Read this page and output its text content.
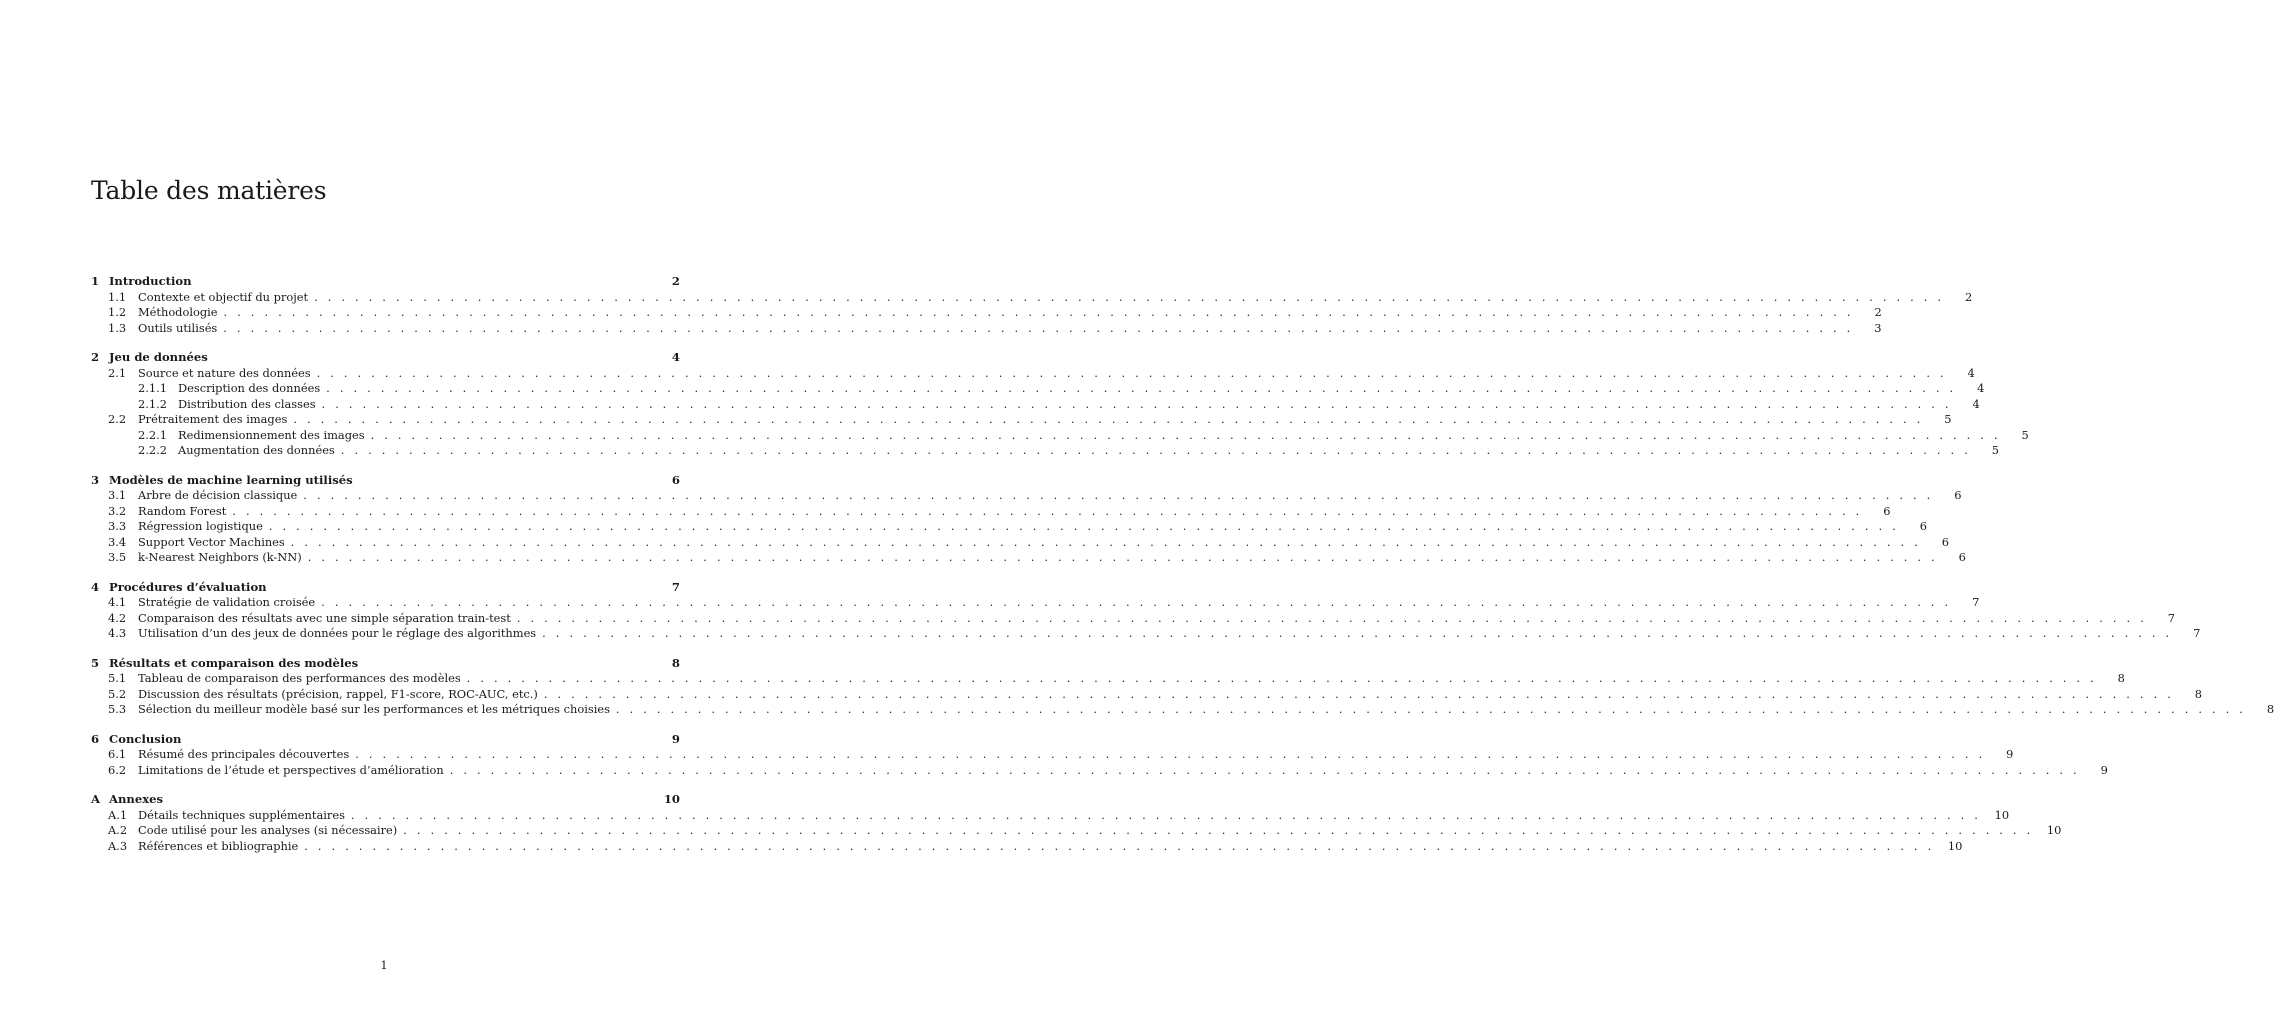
Table des matières
1 Introduction	2
1.1	Contexte et objectif du projet . . . . . . . . . . . . . . . . . . . . . . . . . . . . . . . . . . . . . . . . . . . . . . . . . . . . . . . . . . . . . . . . . . . . . . . . . . . . . . . . . . . . . . . . . . . . . . . . . . . . . . . . . . . . . . . . . . . . . . . .	2
1.2	Méthodologie . . . . . . . . . . . . . . . . . . . . . . . . . . . . . . . . . . . . . . . . . . . . . . . . . . . . . . . . . . . . . . . . . . . . . . . . . . . . . . . . . . . . . . . . . . . . . . . . . . . . . . . . . . . . . . . . . . . . . . . .	2
1.3	Outils utilisés . . . . . . . . . . . . . . . . . . . . . . . . . . . . . . . . . . . . . . . . . . . . . . . . . . . . . . . . . . . . . . . . . . . . . . . . . . . . . . . . . . . . . . . . . . . . . . . . . . . . . . . . . . . . . . . . . . . . . . . .	3
2 Jeu de données	4
2.1	Source et nature des données . . . . . . . . . . . . . . . . . . . . . . . . . . . . . . . . . . . . . . . . . . . . . . . . . . . . . . . . . . . . . . . . . . . . . . . . . . . . . . . . . . . . . . . . . . . . . . . . . . . . . . . . . . . . . . . . . . . . . . . .	4
2.1.1 Description des données . . . . . . . . . . . . . . . . . . . . . . . . . . . . . . . . . . . . . . . . . . . . . . . . . . . . . . . . . . . . . . . . . . . . . . . . . . . . . . . . . . . . . . . . . . . . . . . . . . . . . . . . . . . . . . . . . . . . . . . .	4
2.1.2 Distribution des classes . . . . . . . . . . . . . . . . . . . . . . . . . . . . . . . . . . . . . . . . . . . . . . . . . . . . . . . . . . . . . . . . . . . . . . . . . . . . . . . . . . . . . . . . . . . . . . . . . . . . . . . . . . . . . . . . . . . . . . . .	4
2.2	Prétraitement des images . . . . . . . . . . . . . . . . . . . . . . . . . . . . . . . . . . . . . . . . . . . . . . . . . . . . . . . . . . . . . . . . . . . . . . . . . . . . . . . . . . . . . . . . . . . . . . . . . . . . . . . . . . . . . . . . . . . . . . . .	5
2.2.1 Redimensionnement des images . . . . . . . . . . . . . . . . . . . . . . . . . . . . . . . . . . . . . . . . . . . . . . . . . . . . . . . . . . . . . . . . . . . . . . . . . . . . . . . . . . . . . . . . . . . . . . . . . . . . . . . . . . . . . . . . . . . . . . . .	5
2.2.2 Augmentation des données . . . . . . . . . . . . . . . . . . . . . . . . . . . . . . . . . . . . . . . . . . . . . . . . . . . . . . . . . . . . . . . . . . . . . . . . . . . . . . . . . . . . . . . . . . . . . . . . . . . . . . . . . . . . . . . . . . . . . . . .	5
3 Modèles de machine learning utilisés	6
3.1	Arbre de décision classique . . . . . . . . . . . . . . . . . . . . . . . . . . . . . . . . . . . . . . . . . . . . . . . . . . . . . . . . . . . . . . . . . . . . . . . . . . . . . . . . . . . . . . . . . . . . . . . . . . . . . . . . . . . . . . . . . . . . . . . .	6
3.2	Random Forest . . . . . . . . . . . . . . . . . . . . . . . . . . . . . . . . . . . . . . . . . . . . . . . . . . . . . . . . . . . . . . . . . . . . . . . . . . . . . . . . . . . . . . . . . . . . . . . . . . . . . . . . . . . . . . . . . . . . . . . .	6
3.3	Régression logistique . . . . . . . . . . . . . . . . . . . . . . . . . . . . . . . . . . . . . . . . . . . . . . . . . . . . . . . . . . . . . . . . . . . . . . . . . . . . . . . . . . . . . . . . . . . . . . . . . . . . . . . . . . . . . . . . . . . . . . . .	6
3.4	Support Vector Machines . . . . . . . . . . . . . . . . . . . . . . . . . . . . . . . . . . . . . . . . . . . . . . . . . . . . . . . . . . . . . . . . . . . . . . . . . . . . . . . . . . . . . . . . . . . . . . . . . . . . . . . . . . . . . . . . . . . . . . . .	6
3.5	k-Nearest Neighbors (k-NN) . . . . . . . . . . . . . . . . . . . . . . . . . . . . . . . . . . . . . . . . . . . . . . . . . . . . . . . . . . . . . . . . . . . . . . . . . . . . . . . . . . . . . . . . . . . . . . . . . . . . . . . . . . . . . . . . . . . . . . . .	6
4 Procédures d’évaluation	7
4.1	Stratégie de validation croisée . . . . . . . . . . . . . . . . . . . . . . . . . . . . . . . . . . . . . . . . . . . . . . . . . . . . . . . . . . . . . . . . . . . . . . . . . . . . . . . . . . . . . . . . . . . . . . . . . . . . . . . . . . . . . . . . . . . . . . . .	7
4.2	Comparaison des résultats avec une simple séparation train-test . . . . . . . . . . . . . . . . . . . . . . . . . . . . . . . . . . . . . . . . . . . . . . . . . . . . . . . . . . . . . . . . . . . . . . . . . . . . . . . . . . . . . . . . . . . . . . . . . . . . . . . . . . . . . . . . . . . . . . . .	7
4.3	Utilisation d’un des jeux de données pour le réglage des algorithmes . . . . . . . . . . . . . . . . . . . . . . . . . . . . . . . . . . . . . . . . . . . . . . . . . . . . . . . . . . . . . . . . . . . . . . . . . . . . . . . . . . . . . . . . . . . . . . . . . . . . . . . . . . . . . . . . . . . . . . . .	7
5 Résultats et comparaison des modèles	8
5.1	Tableau de comparaison des performances des modèles . . . . . . . . . . . . . . . . . . . . . . . . . . . . . . . . . . . . . . . . . . . . . . . . . . . . . . . . . . . . . . . . . . . . . . . . . . . . . . . . . . . . . . . . . . . . . . . . . . . . . . . . . . . . . . . . . . . . . . . .	8
5.2	Discussion des résultats (précision, rappel, F1-score, ROC-AUC, etc.) . . . . . . . . . . . . . . . . . . . . . . . . . . . . . . . . . . . . . . . . . . . . . . . . . . . . . . . . . . . . . . . . . . . . . . . . . . . . . . . . . . . . . . . . . . . . . . . . . . . . . . . . . . . . . . . . . . . . . . . .	8
5.3	Sélection du meilleur modèle basé sur les performances et les métriques choisies . . . . . . . . . . . . . . . . . . . . . . . . . . . . . . . . . . . . . . . . . . . . . . . . . . . . . . . . . . . . . . . . . . . . . . . . . . . . . . . . . . . . . . . . . . . . . . . . . . . . . . . . . . . . . . . . . . . . . . . .	8
6 Conclusion	9
6.1	Résumé des principales découvertes . . . . . . . . . . . . . . . . . . . . . . . . . . . . . . . . . . . . . . . . . . . . . . . . . . . . . . . . . . . . . . . . . . . . . . . . . . . . . . . . . . . . . . . . . . . . . . . . . . . . . . . . . . . . . . . . . . . . . . . .	9
6.2	Limitations de l’étude et perspectives d’amélioration . . . . . . . . . . . . . . . . . . . . . . . . . . . . . . . . . . . . . . . . . . . . . . . . . . . . . . . . . . . . . . . . . . . . . . . . . . . . . . . . . . . . . . . . . . . . . . . . . . . . . . . . . . . . . . . . . . . . . . . .	9
A Annexes	10
A.1 Détails techniques supplémentaires . . . . . . . . . . . . . . . . . . . . . . . . . . . . . . . . . . . . . . . . . . . . . . . . . . . . . . . . . . . . . . . . . . . . . . . . . . . . . . . . . . . . . . . . . . . . . . . . . . . . . . . . . . . . . . . . . . . . . . . .	10
A.2 Code utilisé pour les analyses (si nécessaire) . . . . . . . . . . . . . . . . . . . . . . . . . . . . . . . . . . . . . . . . . . . . . . . . . . . . . . . . . . . . . . . . . . . . . . . . . . . . . . . . . . . . . . . . . . . . . . . . . . . . . . . . . . . . . . . . . . . . . . . .	10
A.3 Références et bibliographie . . . . . . . . . . . . . . . . . . . . . . . . . . . . . . . . . . . . . . . . . . . . . . . . . . . . . . . . . . . . . . . . . . . . . . . . . . . . . . . . . . . . . . . . . . . . . . . . . . . . . . . . . . . . . . . . . . . . . . . .	10
1
